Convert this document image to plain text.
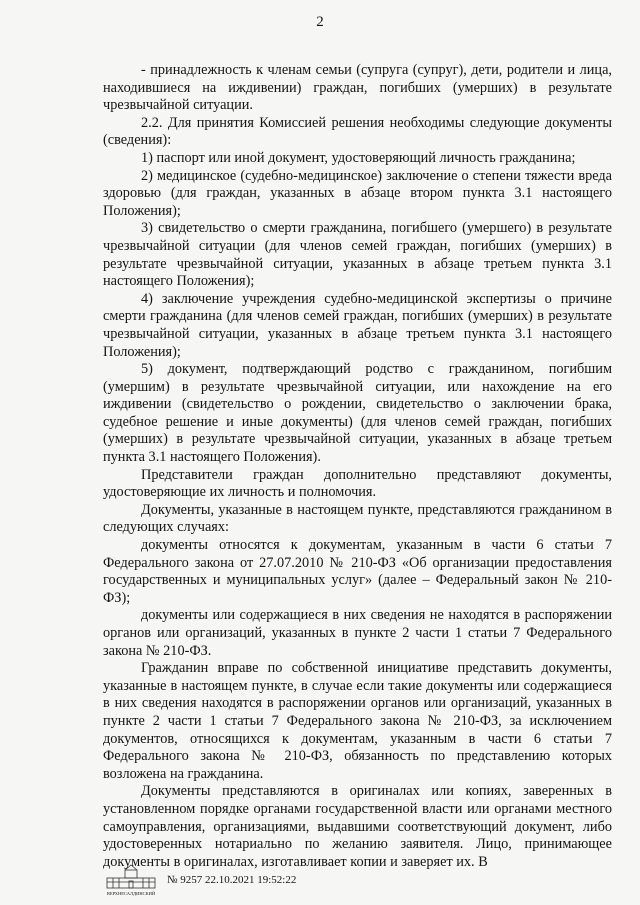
2

- принадлежность к членам семьи (супруга (супруг), дети, родители и лица, находившиеся на иждивении) граждан, погибших (умерших) в результате чрезвычайной ситуации.

2.2. Для принятия Комиссией решения необходимы следующие документы (сведения):

1) паспорт или иной документ, удостоверяющий личность гражданина;

2) медицинское (судебно-медицинское) заключение о степени тяжести вреда здоровью (для граждан, указанных в абзаце втором пункта 3.1 настоящего Положения);

3) свидетельство о смерти гражданина, погибшего (умершего) в результате чрезвычайной ситуации (для членов семей граждан, погибших (умерших) в результате чрезвычайной ситуации, указанных в абзаце третьем пункта 3.1 настоящего Положения);

4) заключение учреждения судебно-медицинской экспертизы о причине смерти гражданина (для членов семей граждан, погибших (умерших) в результате чрезвычайной ситуации, указанных в абзаце третьем пункта 3.1 настоящего Положения);

5) документ, подтверждающий родство с гражданином, погибшим (умершим) в результате чрезвычайной ситуации, или нахождение на его иждивении (свидетельство о рождении, свидетельство о заключении брака, судебное решение и иные документы) (для членов семей граждан, погибших (умерших) в результате чрезвычайной ситуации, указанных в абзаце третьем пункта 3.1 настоящего Положения).

Представители граждан дополнительно представляют документы, удостоверяющие их личность и полномочия.

Документы, указанные в настоящем пункте, представляются гражданином в следующих случаях:

документы относятся к документам, указанным в части 6 статьи 7 Федерального закона от 27.07.2010 № 210-ФЗ «Об организации предоставления государственных и муниципальных услуг» (далее – Федеральный закон № 210-ФЗ);

документы или содержащиеся в них сведения не находятся в распоряжении органов или организаций, указанных в пункте 2 части 1 статьи 7 Федерального закона № 210-ФЗ.

Гражданин вправе по собственной инициативе представить документы, указанные в настоящем пункте, в случае если такие документы или содержащиеся в них сведения находятся в распоряжении органов или организаций, указанных в пункте 2 части 1 статьи 7 Федерального закона № 210-ФЗ, за исключением документов, относящихся к документам, указанным в части 6 статьи 7 Федерального закона № 210-ФЗ, обязанность по представлению которых возложена на гражданина.

Документы представляются в оригиналах или копиях, заверенных в установленном порядке органами государственной власти или органами местного самоуправления, организациями, выдавшими соответствующий документ, либо удостоверенных нотариально по желанию заявителя. Лицо, принимающее документы в оригиналах, изготавливает копии и заверяет их. В

ВЕРХНЕСАЛДИНСКИЙ
№ 9257 22.10.2021 19:52:22
